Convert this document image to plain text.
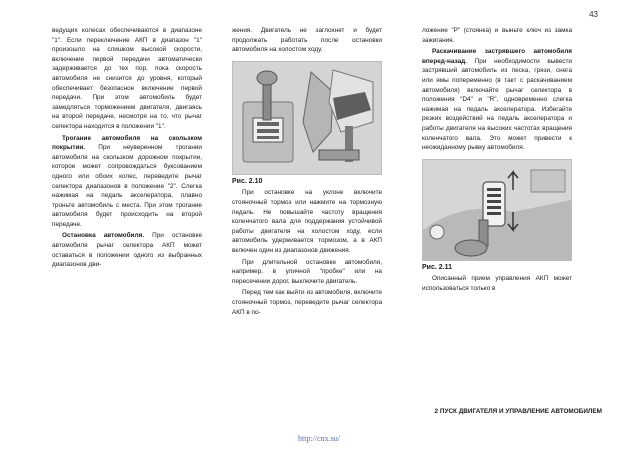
43

ведущих колесах обеспечиваются в диапазоне "1". Если переключение АКП в диапазон "1" произошло на слишком высокой скорости, включение первой передачи автоматически задерживается до тех пор, пока скорость автомобиля не снизится до уровня, который обеспечивает безопасное включение первой передачи. При этом автомобиль будет замедляться торможением двигателя, двигаясь на второй передаче, несмотря на то, что рычаг селектора находится в положении "1".

Трогание автомобиля на скользком покрытии. При неуверенном трогании автомобиля на скользком дорожном покрытии, которое может сопровождаться буксованием одного или обоих колес, переведите рычаг селектора диапазонов в положение "2". Слегка нажимая на педаль акселератора, плавно троньте автомобиль с места. При этом трогание автомобиля будет происходить на второй передаче.

Остановка автомобиля. При остановке автомобиля рычаг селектора АКП может оставаться в положении одного из выбранных диапазонов дви-

жения. Двигатель не заглохнет и будет продолжать работать после остановки автомобиля на холостом ходу.

Рис. 2.10

При остановке на уклоне включите стояночный тормоз или нажмите на тормозную педаль. Не повышайте частоту вращения коленчатого вала для поддержания устойчивой работы двигателя на холостом ходу, если автомобиль удерживается тормозом, а в АКП включен один из диапазонов движения.

При длительной остановке автомобиля, например, в уличной "пробке" или на пересечении дорог, выключите двигатель.

Перед тем как выйти из автомобиля, включите стояночный тормоз, переведите рычаг селектора АКП в по-

ложение "P" (стоянка) и выньте ключ из замка зажигания.

Раскачивание застрявшего автомобиля вперед-назад. При необходимости вывести застрявший автомобиль из песка, грязи, снега или ямы попеременно (в такт с раскачиванием автомобиля) включайте рычаг селектора в положения "D4" и "R", одновременно слегка нажимая на педаль акселератора. Избегайте резких воздействий на педаль акселератора и работы двигателя на высоких частотах вращения коленчатого вала. Это может привести к неожиданному рывку автомобиля.

Рис. 2.11

Описанный прием управления АКП может использоваться только в

2 ПУСК ДВИГАТЕЛЯ И УПРАВЛЕНИЕ АВТОМОБИЛЕМ
http://cnx.su/
